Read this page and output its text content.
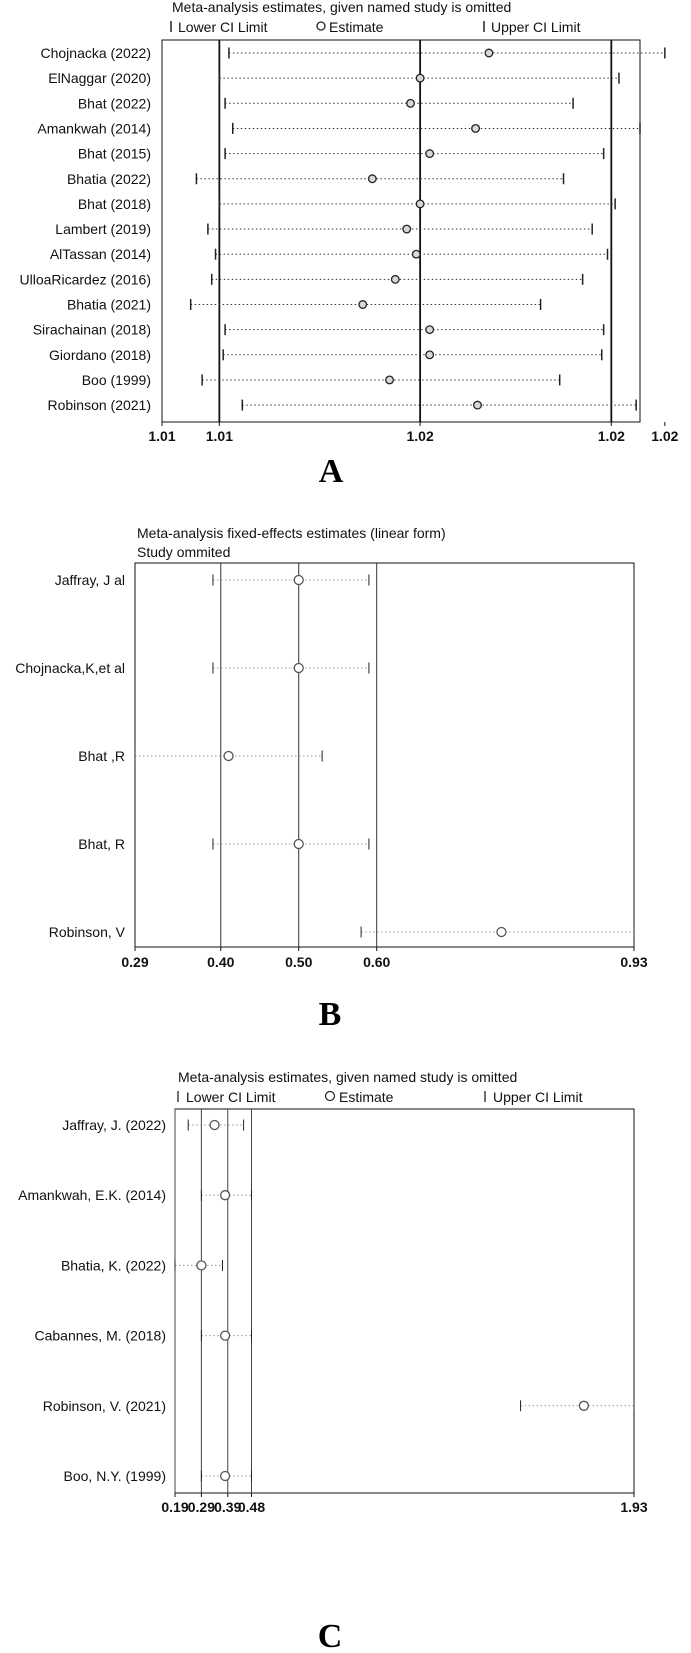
Meta-analysis estimates, given named study is omitted
Lower CI Limit	Estimate	Upper CI Limit
A
Chojnacka (2022)
ElNaggar (2020)
Bhat (2022)
Amankwah (2014)
Bhat (2015)
Bhatia (2022)
Bhat (2018)
Lambert (2019)
AlTassan (2014)
UlloaRicardez (2016)
Bhatia (2021)
Sirachainan (2018)
Giordano (2018)
Boo (1999)
Robinson (2021)
1.01 1.01	1.02	1.02 1.02
Meta-analysis fixed-effects estimates (linear form)
Study ommited
B
Jaffray, J al
Chojnacka,K,et al
Bhat ,R
Bhat, R
Robinson, V
0.29	0.40	0.50	0.60	0.93
Meta-analysis estimates, given named study is omitted
Lower CI Limit	Estimate	Upper CI Limit
C
Jaffray, J. (2022)
Amankwah, E.K. (2014)
Bhatia, K. (2022)
Cabannes, M. (2018)
Robinson, V. (2021)
Boo, N.Y. (1999)
0.19 0.29 0.39
0.48	1.93
